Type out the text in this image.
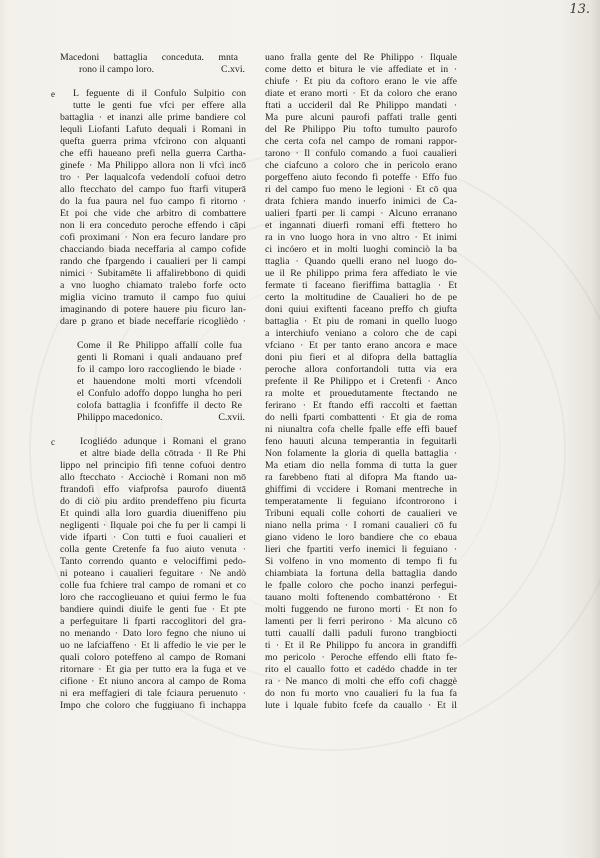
13.
Macedoni battaglia conceduta. mnta
rono il campo loro.	C.xvi.
e	L feguente di il Confulo Sulpitio con
tutte le genti fue vfci per effere alla
battaglia · et inanzi alle prime bandiere col
lequli Liofanti Lafuto dequali i Romani in
quefta guerra prima vfcirono con alquanti
che effi haueano prefi nella guerra Cartha-
ginefe · Ma Philippo allora non li vfcì incō
tro · Per laqualcofa vedendolí cofuoi detro
allo ftecchato del campo fuo ftarfi vituperā
do la fua paura nel fuo campo fi ritorno ·
Et poi che vide che arbitro di combattere
non li era conceduto peroche effendo i cāpi
cofi proximani · Non era fecuro landare pro
chacciando biada neceffaria al campo cofide
rando che fpargendo i caualieri per li campi
nimici · Subitamēte li affalirebbono di quidi
a vno luogho chiamato tralebo forfe octo
miglia vicino tramuto il campo fuo quiui
imaginando di potere hauere piu ficuro lan-
dare p grano et biade neceffarie ricoglièdo ·
Come il Re Philippo affallí colle fua
genti li Romani i quali andauano pref
fo il campo loro raccogliendo le biade ·
et hauendone molti morti vfcendoli
el Confulo adoffo doppo lungha ho peri
colofa battaglia i fconfiffe il decto Re
Philippo macedonico.	C.xvii.
c	Icogliédo adunque i Romani el grano
et altre biade della cōtrada · Il Re Phi
lippo nel principio fifi tenne cofuoi dentro
allo ftecchato · Acciochè i Romani non mō
ftrandofi effo viafprofsa paurofo diuentā
do di ciò piu ardito prendeffeno piu ficurta
Et quindi alla loro guardia diueniffeno piu
negligenti · Ilquale poi che fu per li campi li
vide ifparti · Con tutti e fuoi caualieri et
colla gente Cretenfe fa fuo aiuto venuta ·
Tanto correndo quanto e velociffimi pedo-
ni poteano i caualieri feguitare · Ne andò
colle fua fchiere tral campo de romani et co
loro che raccoglieuano et quiui fermo le fua
bandiere quindi diuife le genti fue · Et pte
a perfeguitare li fparti raccoglitori del gra-
no menando · Dato loro fegno che niuno ui
uo ne lafciaffeno · Et li affedio le vie per le
quali coloro poteffeno al campo de Romani
ritornare · Et gia per tutto era la fuga et ve
cifione · Et niuno ancora al campo de Roma
ni era meffagieri di tale fciaura peruenuto ·
Impo che coloro che fuggiuano fi inchappa
uano fralla gente del Re Philippo · Ilquale
come detto et bitura le vie affediate et in ·
chiufe · Et piu da coftoro erano le vie affe
diate et erano morti · Et da coloro che erano
ftati a uccideril dal Re Philippo mandati ·
Ma pure alcuni paurofi paffati tralle genti
del Re Philippo Piu tofto tumulto paurofo
che certa cofa nel campo de romani rappor-
tarono · Il confulo comando a fuoi caualieri
che ciafcuno a coloro che in pericolo erano
porgeffeno aiuto fecondo fi poteffe · Effo fuo
ri del campo fuo meno le legioni · Et cō qua
drata fchiera mando inuerfo inimici de Ca-
ualieri fparti per li campi · Alcuno erranano
et ingannati diuerfi romani effi ftettero ho
ra in vno luogo hora in vno altro · Et inimi
ci incóero et in molti luoghi cominciò la ba
ttaglia · Quando quelli erano nel luogo do-
ue il Re philippo prima fera affediato le vie
fermate ti faceano fieriffima battaglia · Et
certo la moltitudine de Caualieri ho de pe
doni quiui exiftenti faceano preffo ch giufta
battaglia · Et piu de romani in quello luogo
a interchiufo veniano a coloro che de capi
vfciano · Et per tanto erano ancora e mace
doni piu fieri et al difopra della battaglia
peroche allora confortandoli tutta via era
prefente il Re Philippo et i Cretenfi · Anco
ra molte et prouedutamente ftectando ne
ferirano · Et ftando effi raccolti et faettan
do nelli fparti combattenti · Et gia de roma
ni niunaltra cofa chelle fpalle effe effi bauef
feno hauuti alcuna temperantia in feguitarli
Non folamente la gloria di quella battaglia ·
Ma etiam dio nella fomma di tutta la guer
ra farebbeno ftati al difopra Ma ftando ua-
ghiffimi di vccidere i Romani mentreche in
temperatamente li feguiano ifcontrorono i
Tribuni equali colle cohorti de caualieri ve
niano nella prima · I romani caualieri cō fu
giano videno le loro bandiere che co ebaua
lieri che fpartiti verfo inemici li feguiano ·
Si volfeno in vno momento di tempo fi fu
chiambiata la fortuna della battaglia dando
le fpalle coloro che pocho inanzi perfegui-
tauano molti foftenendo combattérono · Et
molti fuggendo ne furono morti · Et non fo
lamenti per li ferri perirono · Ma alcuno cō
tutti cauallí dalli paduli furono trangbiocti
ti · Et il Re Philippo fu ancora in grandiffi
mo pericolo · Peroche effendo elli ftato fe-
rito el cauallo fotto et cadédo chadde in ter
ra · Ne manco di molti che effo cofi chaggè
do non fu morto vno caualieri fu la fua fa
lute i lquale fubito fcefe da cauallo · Et il
